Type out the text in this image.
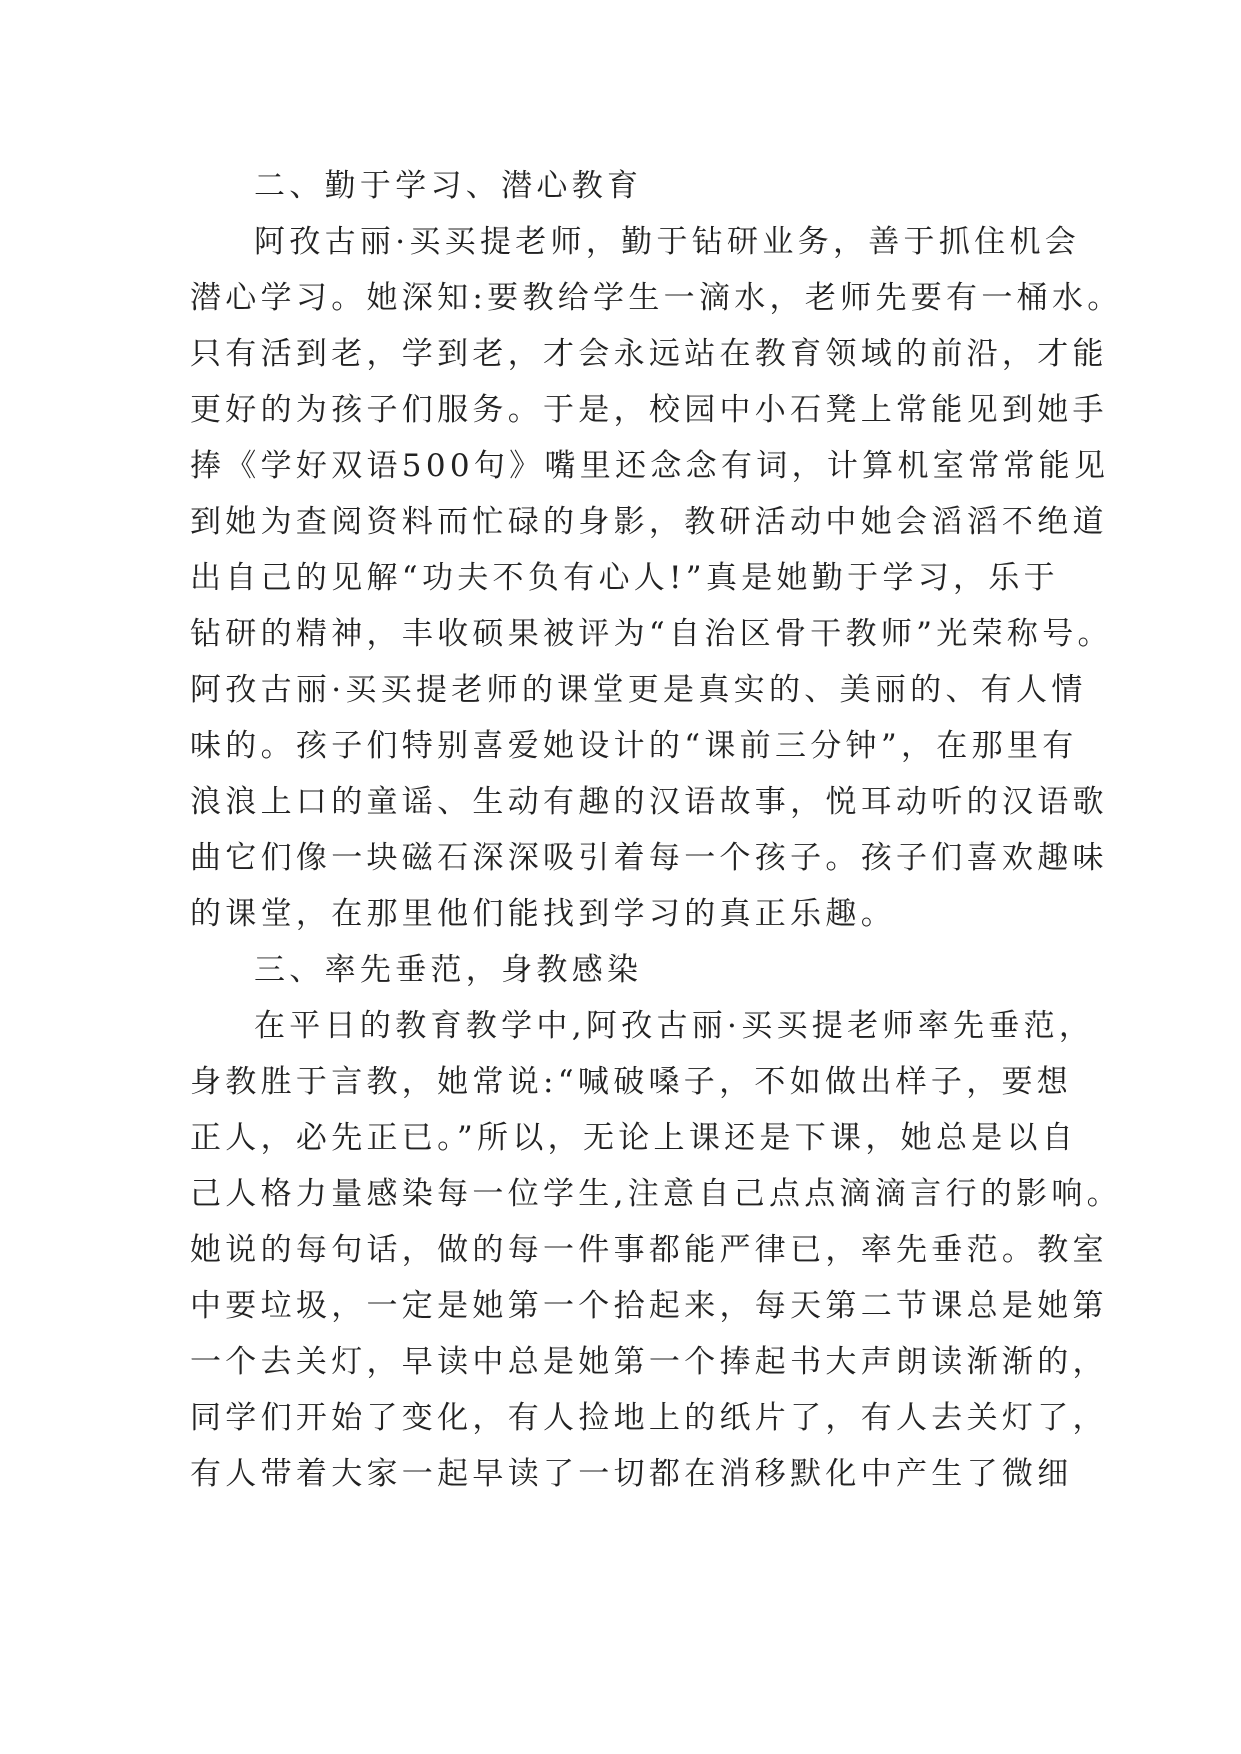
二、勤于学习、潜心教育
阿孜古丽·买买提老师，勤于钻研业务，善于抓住机会
潜心学习。她深知:要教给学生一滴水，老师先要有一桶水。
只有活到老，学到老，才会永远站在教育领域的前沿，才能
更好的为孩子们服务。于是，校园中小石凳上常能见到她手
捧《学好双语500句》嘴里还念念有词，计算机室常常能见
到她为查阅资料而忙碌的身影，教研活动中她会滔滔不绝道
出自己的见解“功夫不负有心人!”真是她勤于学习，乐于
钻研的精神，丰收硕果被评为“自治区骨干教师”光荣称号。
阿孜古丽·买买提老师的课堂更是真实的、美丽的、有人情
味的。孩子们特别喜爱她设计的“课前三分钟”，在那里有
浪浪上口的童谣、生动有趣的汉语故事，悦耳动听的汉语歌
曲它们像一块磁石深深吸引着每一个孩子。孩子们喜欢趣味
的课堂，在那里他们能找到学习的真正乐趣。
三、率先垂范，身教感染
在平日的教育教学中,阿孜古丽·买买提老师率先垂范，
身教胜于言教，她常说:“喊破嗓子，不如做出样子，要想
正人，必先正已。”所以，无论上课还是下课，她总是以自
己人格力量感染每一位学生,注意自己点点滴滴言行的影响。
她说的每句话，做的每一件事都能严律已，率先垂范。教室
中要垃圾，一定是她第一个拾起来，每天第二节课总是她第
一个去关灯，早读中总是她第一个捧起书大声朗读渐渐的，
同学们开始了变化，有人捡地上的纸片了，有人去关灯了，
有人带着大家一起早读了一切都在消移默化中产生了微细
